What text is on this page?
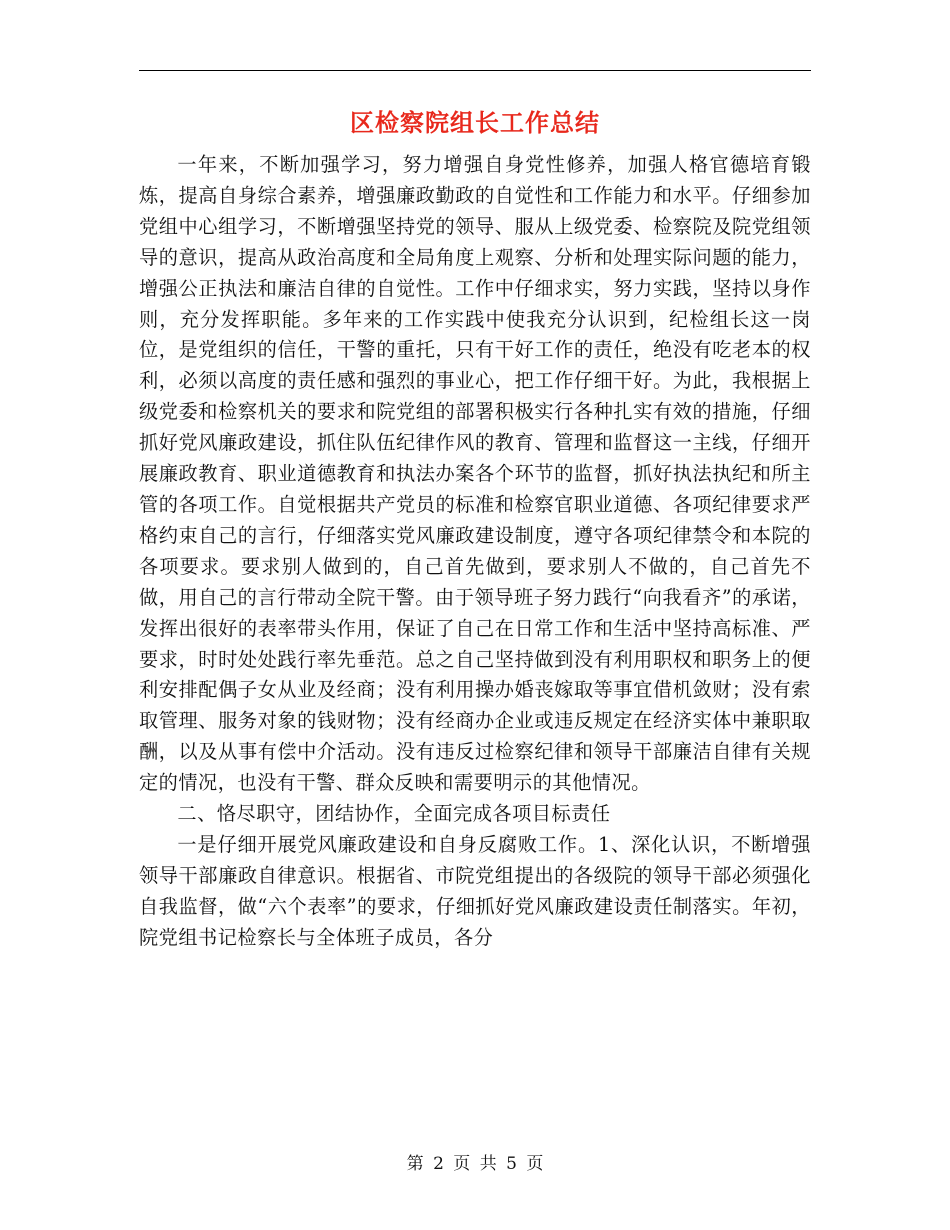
区检察院组长工作总结

一年来，不断加强学习，努力增强自身党性修养，加强人格官德培育锻炼，提高自身综合素养，增强廉政勤政的自觉性和工作能力和水平。仔细参加党组中心组学习，不断增强坚持党的领导、服从上级党委、检察院及院党组领导的意识，提高从政治高度和全局角度上观察、分析和处理实际问题的能力，增强公正执法和廉洁自律的自觉性。工作中仔细求实，努力实践，坚持以身作则，充分发挥职能。多年来的工作实践中使我充分认识到，纪检组长这一岗位，是党组织的信任，干警的重托，只有干好工作的责任，绝没有吃老本的权利，必须以高度的责任感和强烈的事业心，把工作仔细干好。为此，我根据上级党委和检察机关的要求和院党组的部署积极实行各种扎实有效的措施，仔细抓好党风廉政建设，抓住队伍纪律作风的教育、管理和监督这一主线，仔细开展廉政教育、职业道德教育和执法办案各个环节的监督，抓好执法执纪和所主管的各项工作。自觉根据共产党员的标准和检察官职业道德、各项纪律要求严格约束自己的言行，仔细落实党风廉政建设制度，遵守各项纪律禁令和本院的各项要求。要求别人做到的，自己首先做到，要求别人不做的，自己首先不做，用自己的言行带动全院干警。由于领导班子努力践行“向我看齐”的承诺，发挥出很好的表率带头作用，保证了自己在日常工作和生活中坚持高标准、严要求，时时处处践行率先垂范。总之自己坚持做到没有利用职权和职务上的便利安排配偶子女从业及经商；没有利用操办婚丧嫁取等事宜借机敛财；没有索取管理、服务对象的钱财物；没有经商办企业或违反规定在经济实体中兼职取酬，以及从事有偿中介活动。没有违反过检察纪律和领导干部廉洁自律有关规定的情况，也没有干警、群众反映和需要明示的其他情况。

二、恪尽职守，团结协作，全面完成各项目标责任

一是仔细开展党风廉政建设和自身反腐败工作。1、深化认识，不断增强领导干部廉政自律意识。根据省、市院党组提出的各级院的领导干部必须强化自我监督，做“六个表率”的要求，仔细抓好党风廉政建设责任制落实。年初，院党组书记检察长与全体班子成员，各分

第 2 页 共 5 页
